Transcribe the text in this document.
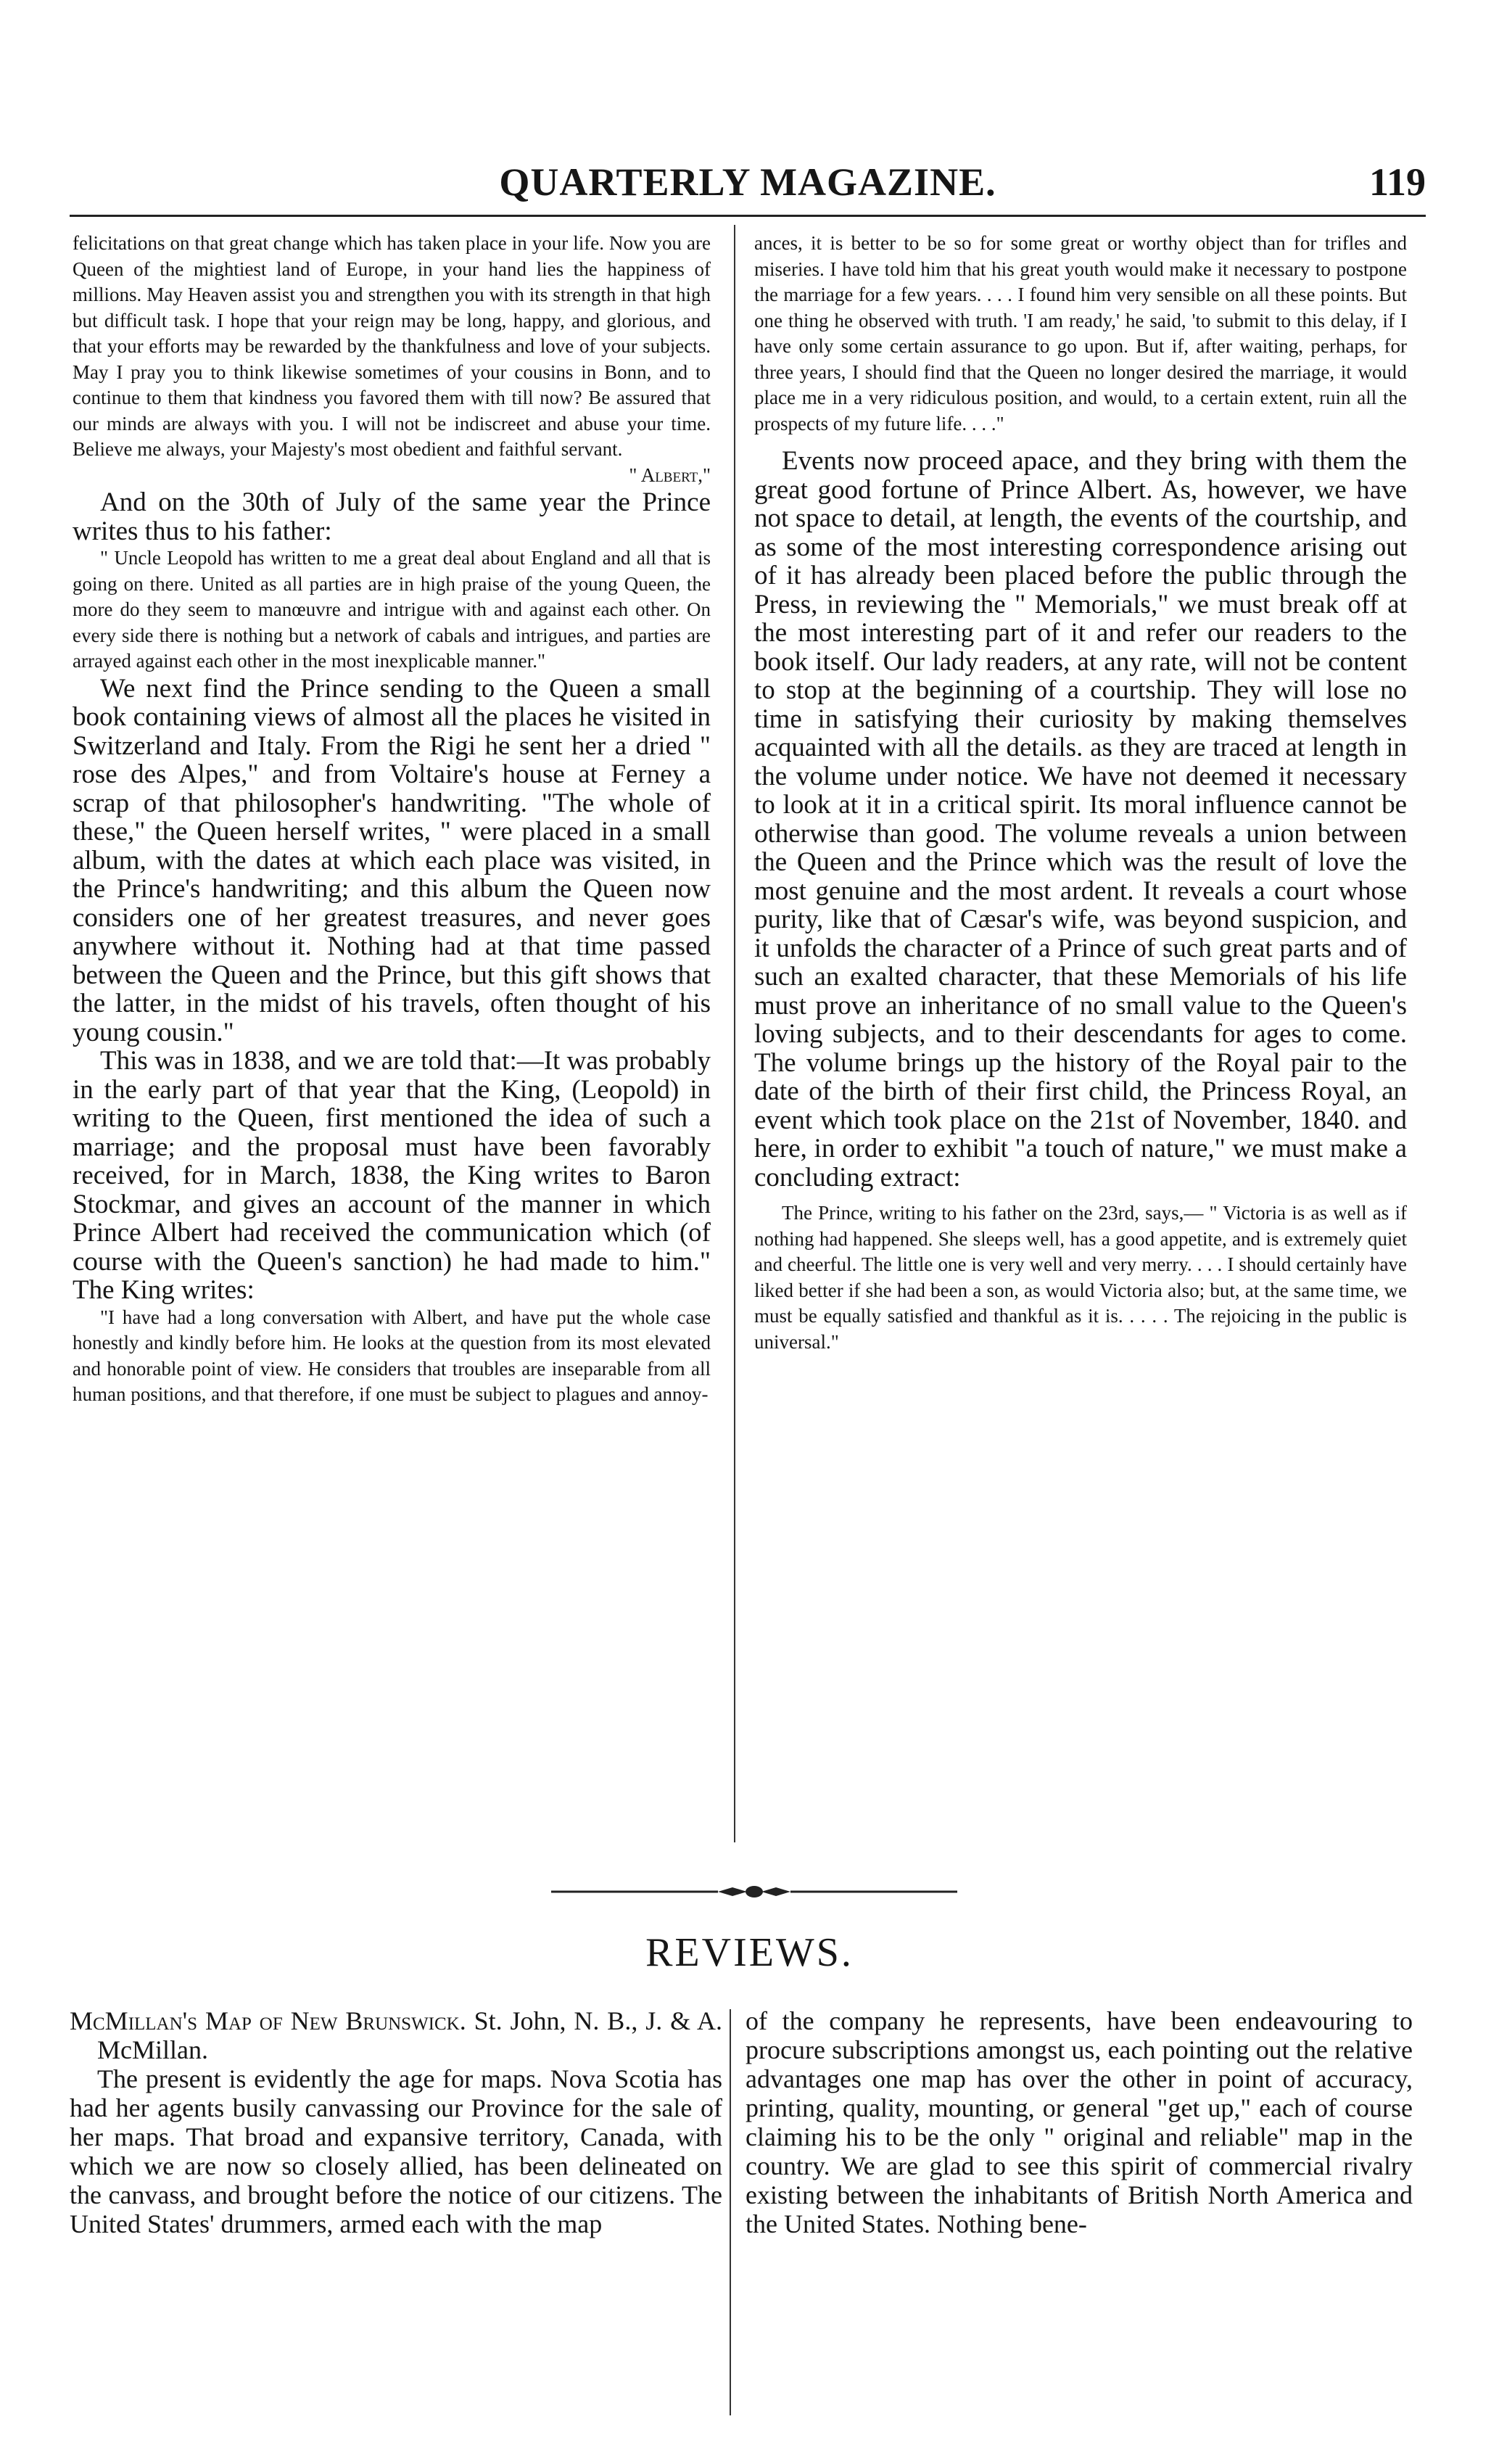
QUARTERLY MAGAZINE.	119

felicitations on that great change which has taken place in your life. Now you are Queen of the mightiest land of Europe, in your hand lies the happiness of millions. May Heaven assist you and strengthen you with its strength in that high but difficult task. I hope that your reign may be long, happy, and glorious, and that your efforts may be rewarded by the thankfulness and love of your subjects. May I pray you to think likewise sometimes of your cousins in Bonn, and to continue to them that kindness you favored them with till now? Be assured that our minds are always with you. I will not be indiscreet and abuse your time. Believe me always, your Majesty's most obedient and faithful servant.

" Albert,"

And on the 30th of July of the same year the Prince writes thus to his father:

" Uncle Leopold has written to me a great deal about England and all that is going on there. United as all parties are in high praise of the young Queen, the more do they seem to manœuvre and intrigue with and against each other. On every side there is nothing but a network of cabals and intrigues, and parties are arrayed against each other in the most inexplicable manner."

We next find the Prince sending to the Queen a small book containing views of almost all the places he visited in Switzerland and Italy. From the Rigi he sent her a dried " rose des Alpes," and from Voltaire's house at Ferney a scrap of that philosopher's handwriting. "The whole of these," the Queen herself writes, " were placed in a small album, with the dates at which each place was visited, in the Prince's handwriting; and this album the Queen now considers one of her greatest treasures, and never goes anywhere without it. Nothing had at that time passed between the Queen and the Prince, but this gift shows that the latter, in the midst of his travels, often thought of his young cousin."

This was in 1838, and we are told that:—It was probably in the early part of that year that the King, (Leopold) in writing to the Queen, first mentioned the idea of such a marriage; and the proposal must have been favorably received, for in March, 1838, the King writes to Baron Stockmar, and gives an account of the manner in which Prince Albert had received the communication which (of course with the Queen's sanction) he had made to him." The King writes:

"I have had a long conversation with Albert, and have put the whole case honestly and kindly before him. He looks at the question from its most elevated and honorable point of view. He considers that troubles are inseparable from all human positions, and that therefore, if one must be subject to plagues and annoy-

ances, it is better to be so for some great or worthy object than for trifles and miseries. I have told him that his great youth would make it necessary to postpone the marriage for a few years. . . . I found him very sensible on all these points. But one thing he observed with truth. 'I am ready,' he said, 'to submit to this delay, if I have only some certain assurance to go upon. But if, after waiting, perhaps, for three years, I should find that the Queen no longer desired the marriage, it would place me in a very ridiculous position, and would, to a certain extent, ruin all the prospects of my future life. . . ."

Events now proceed apace, and they bring with them the great good fortune of Prince Albert. As, however, we have not space to detail, at length, the events of the courtship, and as some of the most interesting correspondence arising out of it has already been placed before the public through the Press, in reviewing the " Memorials," we must break off at the most interesting part of it and refer our readers to the book itself. Our lady readers, at any rate, will not be content to stop at the beginning of a courtship. They will lose no time in satisfying their curiosity by making themselves acquainted with all the details. as they are traced at length in the volume under notice. We have not deemed it necessary to look at it in a critical spirit. Its moral influence cannot be otherwise than good. The volume reveals a union between the Queen and the Prince which was the result of love the most genuine and the most ardent. It reveals a court whose purity, like that of Cæsar's wife, was beyond suspicion, and it unfolds the character of a Prince of such great parts and of such an exalted character, that these Memorials of his life must prove an inheritance of no small value to the Queen's loving subjects, and to their descendants for ages to come. The volume brings up the history of the Royal pair to the date of the birth of their first child, the Princess Royal, an event which took place on the 21st of November, 1840. and here, in order to exhibit "a touch of nature," we must make a concluding extract:

The Prince, writing to his father on the 23rd, says,— " Victoria is as well as if nothing had happened. She sleeps well, has a good appetite, and is extremely quiet and cheerful. The little one is very well and very merry. . . . I should certainly have liked better if she had been a son, as would Victoria also; but, at the same time, we must be equally satisfied and thankful as it is. . . . . The rejoicing in the public is universal."

REVIEWS.

McMillan's Map of New Brunswick. St. John, N. B., J. & A. McMillan.

The present is evidently the age for maps. Nova Scotia has had her agents busily canvassing our Province for the sale of her maps. That broad and expansive territory, Canada, with which we are now so closely allied, has been delineated on the canvass, and brought before the notice of our citizens. The United States' drummers, armed each with the map

of the company he represents, have been endeavouring to procure subscriptions amongst us, each pointing out the relative advantages one map has over the other in point of accuracy, printing, quality, mounting, or general "get up," each of course claiming his to be the only " original and reliable" map in the country. We are glad to see this spirit of commercial rivalry existing between the inhabitants of British North America and the United States. Nothing bene-
